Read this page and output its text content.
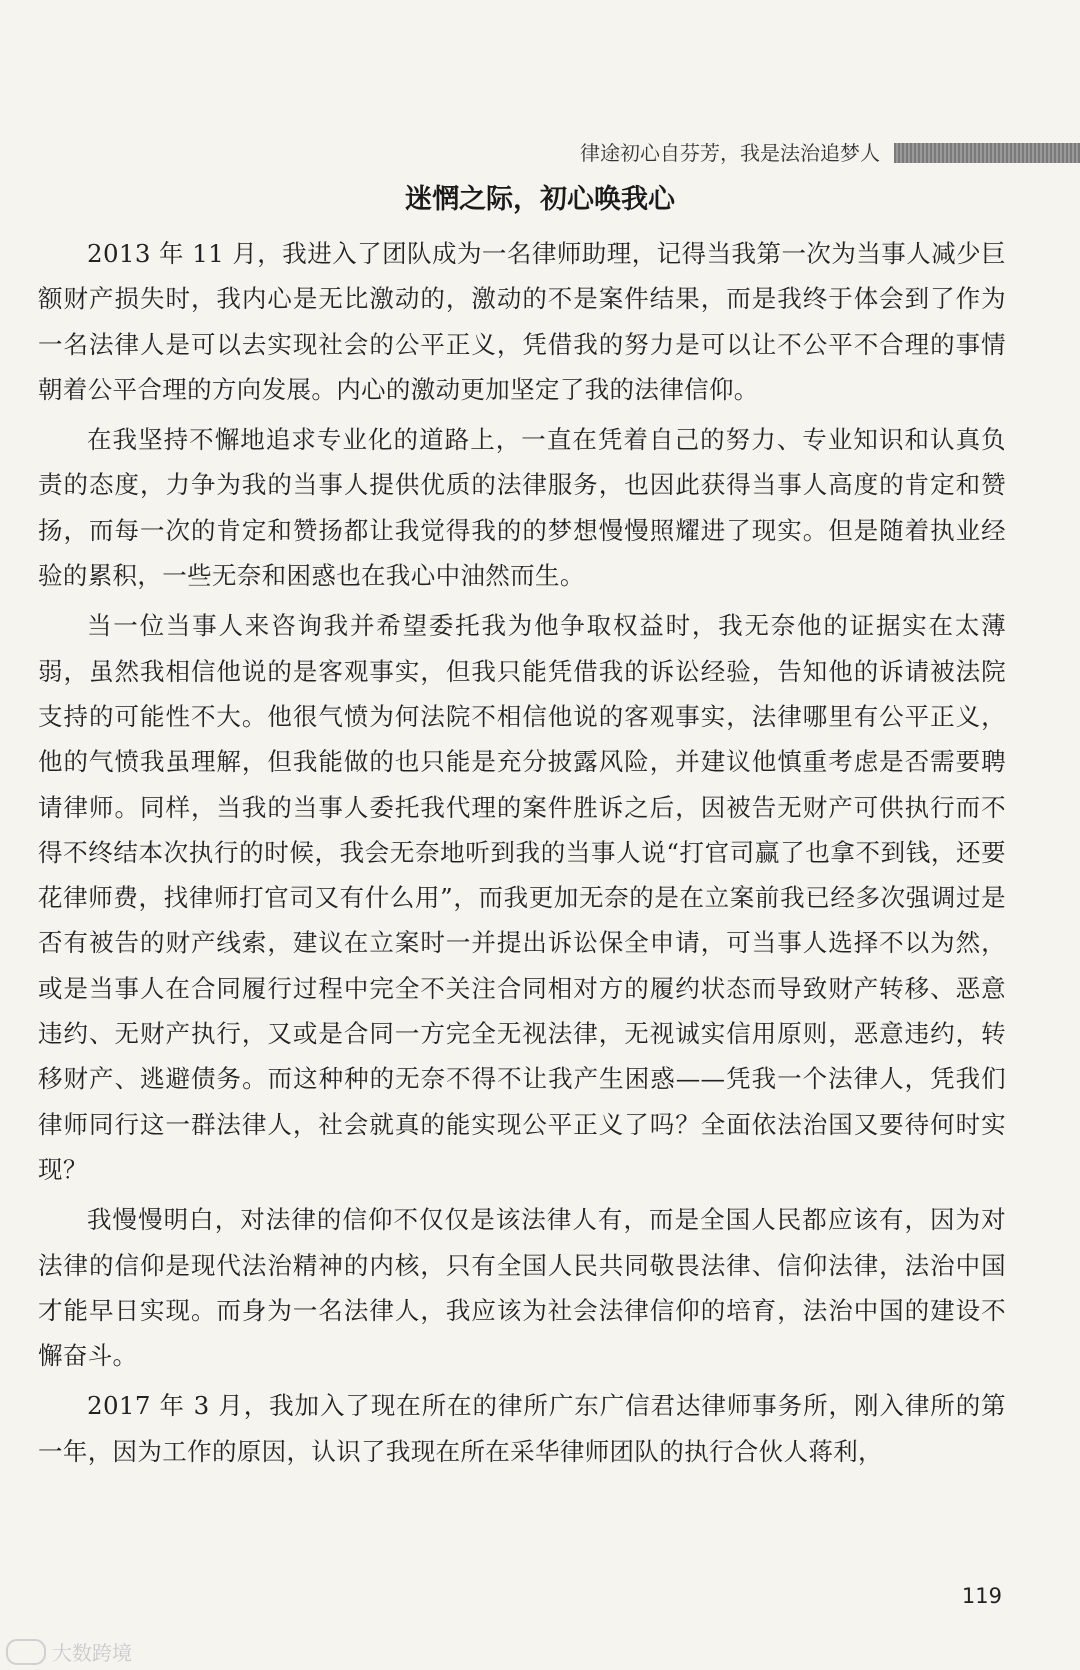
律途初心自芬芳，我是法治追梦人
迷惘之际，初心唤我心

2013 年 11 月，我进入了团队成为一名律师助理，记得当我第一次为当事人减少巨额财产损失时，我内心是无比激动的，激动的不是案件结果，而是我终于体会到了作为一名法律人是可以去实现社会的公平正义，凭借我的努力是可以让不公平不合理的事情朝着公平合理的方向发展。内心的激动更加坚定了我的法律信仰。

在我坚持不懈地追求专业化的道路上，一直在凭着自己的努力、专业知识和认真负责的态度，力争为我的当事人提供优质的法律服务，也因此获得当事人高度的肯定和赞扬，而每一次的肯定和赞扬都让我觉得我的的梦想慢慢照耀进了现实。但是随着执业经验的累积，一些无奈和困惑也在我心中油然而生。

当一位当事人来咨询我并希望委托我为他争取权益时，我无奈他的证据实在太薄弱，虽然我相信他说的是客观事实，但我只能凭借我的诉讼经验，告知他的诉请被法院支持的可能性不大。他很气愤为何法院不相信他说的客观事实，法律哪里有公平正义，他的气愤我虽理解，但我能做的也只能是充分披露风险，并建议他慎重考虑是否需要聘请律师。同样，当我的当事人委托我代理的案件胜诉之后，因被告无财产可供执行而不得不终结本次执行的时候，我会无奈地听到我的当事人说“打官司赢了也拿不到钱，还要花律师费，找律师打官司又有什么用”，而我更加无奈的是在立案前我已经多次强调过是否有被告的财产线索，建议在立案时一并提出诉讼保全申请，可当事人选择不以为然，或是当事人在合同履行过程中完全不关注合同相对方的履约状态而导致财产转移、恶意违约、无财产执行，又或是合同一方完全无视法律，无视诚实信用原则，恶意违约，转移财产、逃避债务。而这种种的无奈不得不让我产生困惑——凭我一个法律人，凭我们律师同行这一群法律人，社会就真的能实现公平正义了吗？全面依法治国又要待何时实现？

我慢慢明白，对法律的信仰不仅仅是该法律人有，而是全国人民都应该有，因为对法律的信仰是现代法治精神的内核，只有全国人民共同敬畏法律、信仰法律，法治中国才能早日实现。而身为一名法律人，我应该为社会法律信仰的培育，法治中国的建设不懈奋斗。

2017 年 3 月，我加入了现在所在的律所广东广信君达律师事务所，刚入律所的第一年，因为工作的原因，认识了我现在所在采华律师团队的执行合伙人蒋利，

119
大数跨境
